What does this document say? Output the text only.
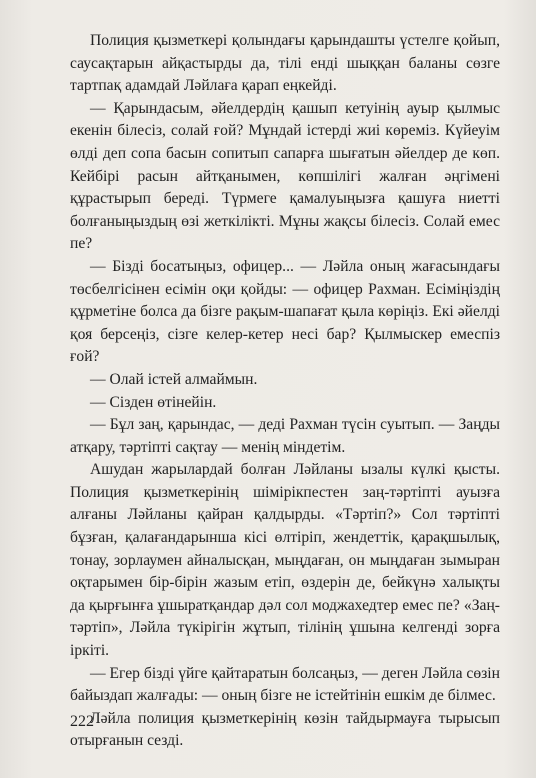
Полиция қызметкері қолындағы қарындашты үстелге қойып, саусақтарын айқастырды да, тілі енді шыққан баланы сөзге тартпақ адамдай Ләйлаға қарап еңкейді.

— Қарындасым, әйелдердің қашып кетуінің ауыр қылмыс екенін білесіз, солай ғой? Мұндай істерді жиі көреміз. Күйеуім өлді деп сопа басын сопитып сапарға шығатын әйелдер де көп. Кейбірі расын айтқанымен, көпшілігі жалған әңгімені құрастырып береді. Түрмеге қамалуыңызға қашуға ниетті болғаныңыздың өзі жеткілікті. Мұны жақсы білесіз. Солай емес пе?

— Бізді босатыңыз, офицер... — Ләйла оның жағасындағы төсбелгісінен есімін оқи қойды: — офицер Рахман. Есіміңіздің құрметіне болса да бізге рақым-шапағат қыла көріңіз. Екі әйелді қоя берсеңіз, сізге келер-кетер несі бар? Қылмыскер емеспіз ғой?

— Олай істей алмаймын.

— Сізден өтінейін.

— Бұл заң, қарындас, — деді Рахман түсін суытып. — Заңды атқару, тәртіпті сақтау — менің міндетім.

Ашудан жарылардай болған Ләйланы ызалы күлкі қысты. Полиция қызметкерінің шімірікпестен заң-тәртіпті ауызға алғаны Ләйланы қайран қалдырды. «Тәртіп?» Сол тәртіпті бұзған, қалағандарынша кісі өлтіріп, жендеттік, қарақшылық, тонау, зорлаумен айналысқан, мыңдаған, он мыңдаған зымыран оқтарымен бір-бірін жазым етіп, өздерін де, бейкүнә халықты да қырғынға ұшыратқандар дәл сол моджахедтер емес пе? «Заң-тәртіп», Ләйла түкірігін жұтып, тілінің ұшына келгенді зорға іркіті.

— Егер бізді үйге қайтаратын болсаңыз, — деген Ләйла сөзін байыздап жалғады: — оның бізге не істейтінін ешкім де білмес.

Ләйла полиция қызметкерінің көзін тайдырмауға тырысып отырғанын сезді.

222
